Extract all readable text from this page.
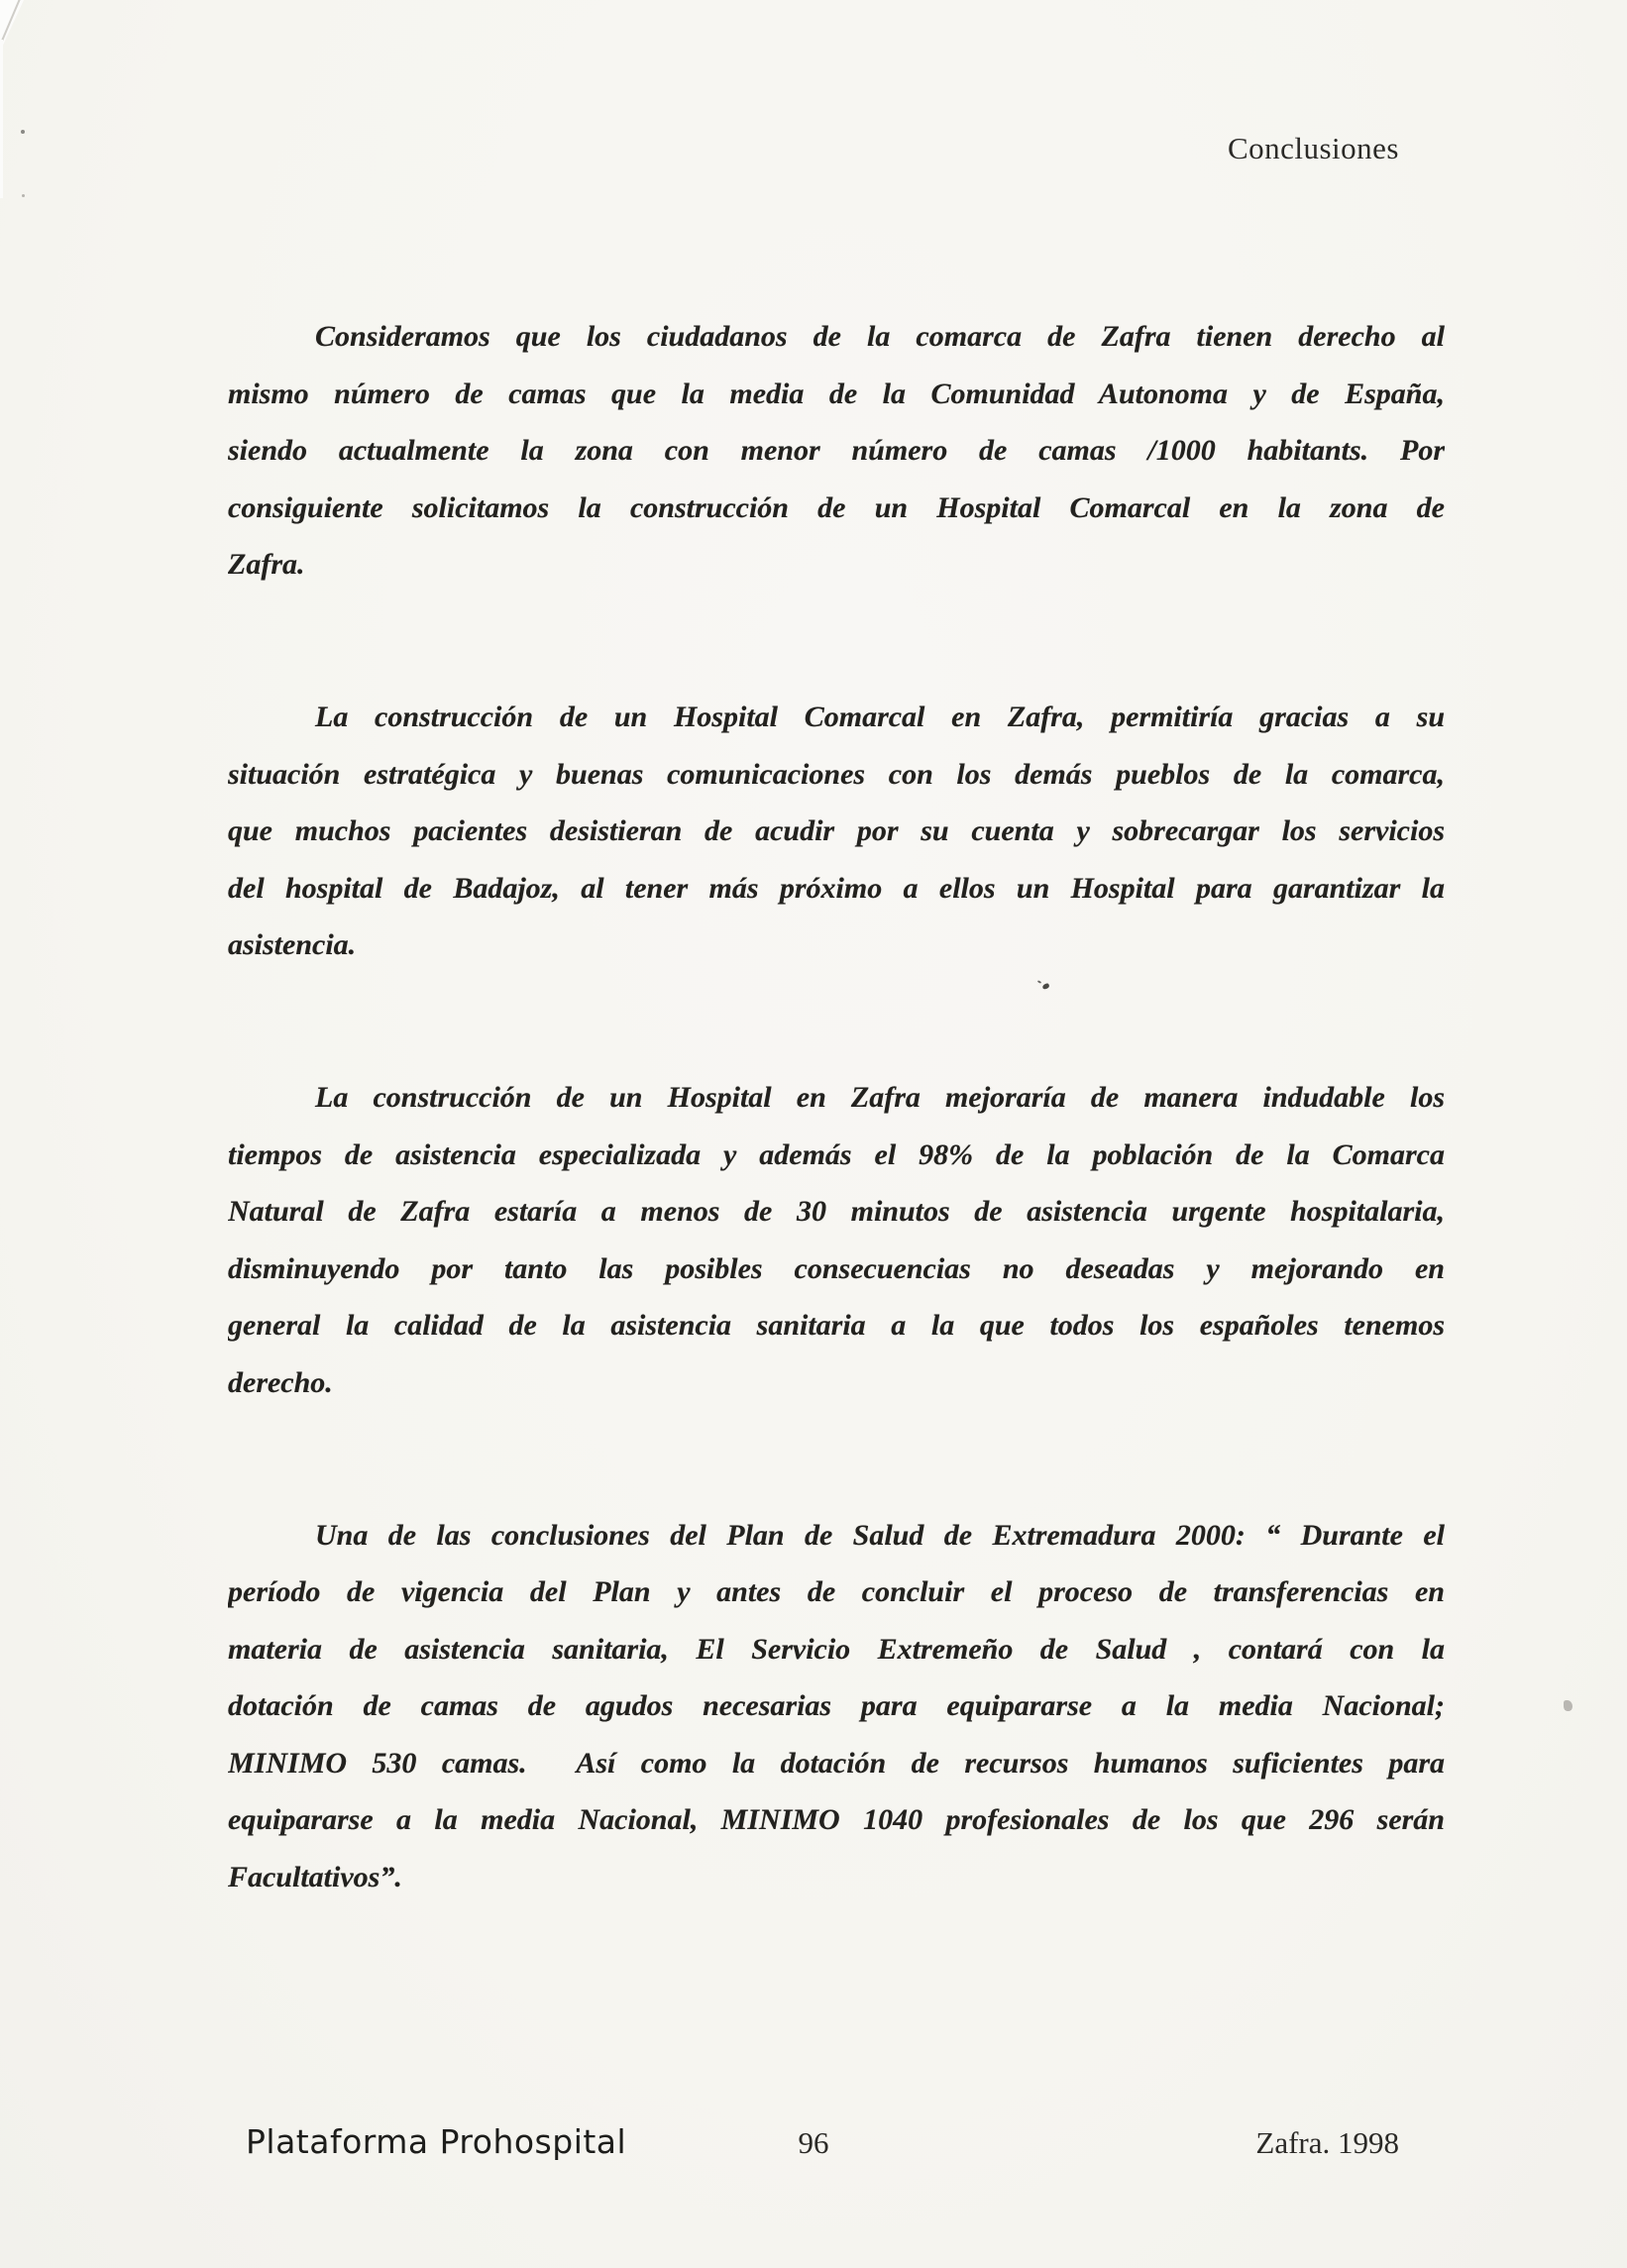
Conclusiones
Consideramos que los ciudadanos de la comarca de Zafra tienen derecho al
mismo número de camas que la media de la Comunidad Autonoma y de España,
siendo actualmente la zona con menor número de camas /1000 habitants. Por
consiguiente solicitamos la construcción de un Hospital Comarcal en la zona de
Zafra.
La construcción de un Hospital Comarcal en Zafra, permitiría gracias a su
situación estratégica y buenas comunicaciones con los demás pueblos de la comarca,
que muchos pacientes desistieran de acudir por su cuenta y sobrecargar los servicios
del hospital de Badajoz, al tener más próximo a ellos un Hospital para garantizar la
asistencia.
La construcción de un Hospital en Zafra mejoraría de manera indudable los
tiempos de asistencia especializada y además el 98% de la población de la Comarca
Natural de Zafra estaría a menos de 30 minutos de asistencia urgente hospitalaria,
disminuyendo por tanto las posibles consecuencias no deseadas y mejorando en
general la calidad de la asistencia sanitaria a la que todos los españoles tenemos
derecho.
Una de las conclusiones del Plan de Salud de Extremadura 2000: “ Durante el
período de vigencia del Plan y antes de concluir el proceso de transferencias en
materia de asistencia sanitaria, El Servicio Extremeño de Salud , contará con la
dotación de camas de agudos necesarias para equipararse a la media Nacional;
MINIMO 530 camas.  Así como la dotación de recursos humanos suficientes para
equipararse a la media Nacional, MINIMO 1040 profesionales de los que 296 serán
Facultativos”.
Plataforma Prohospital	96	Zafra. 1998
